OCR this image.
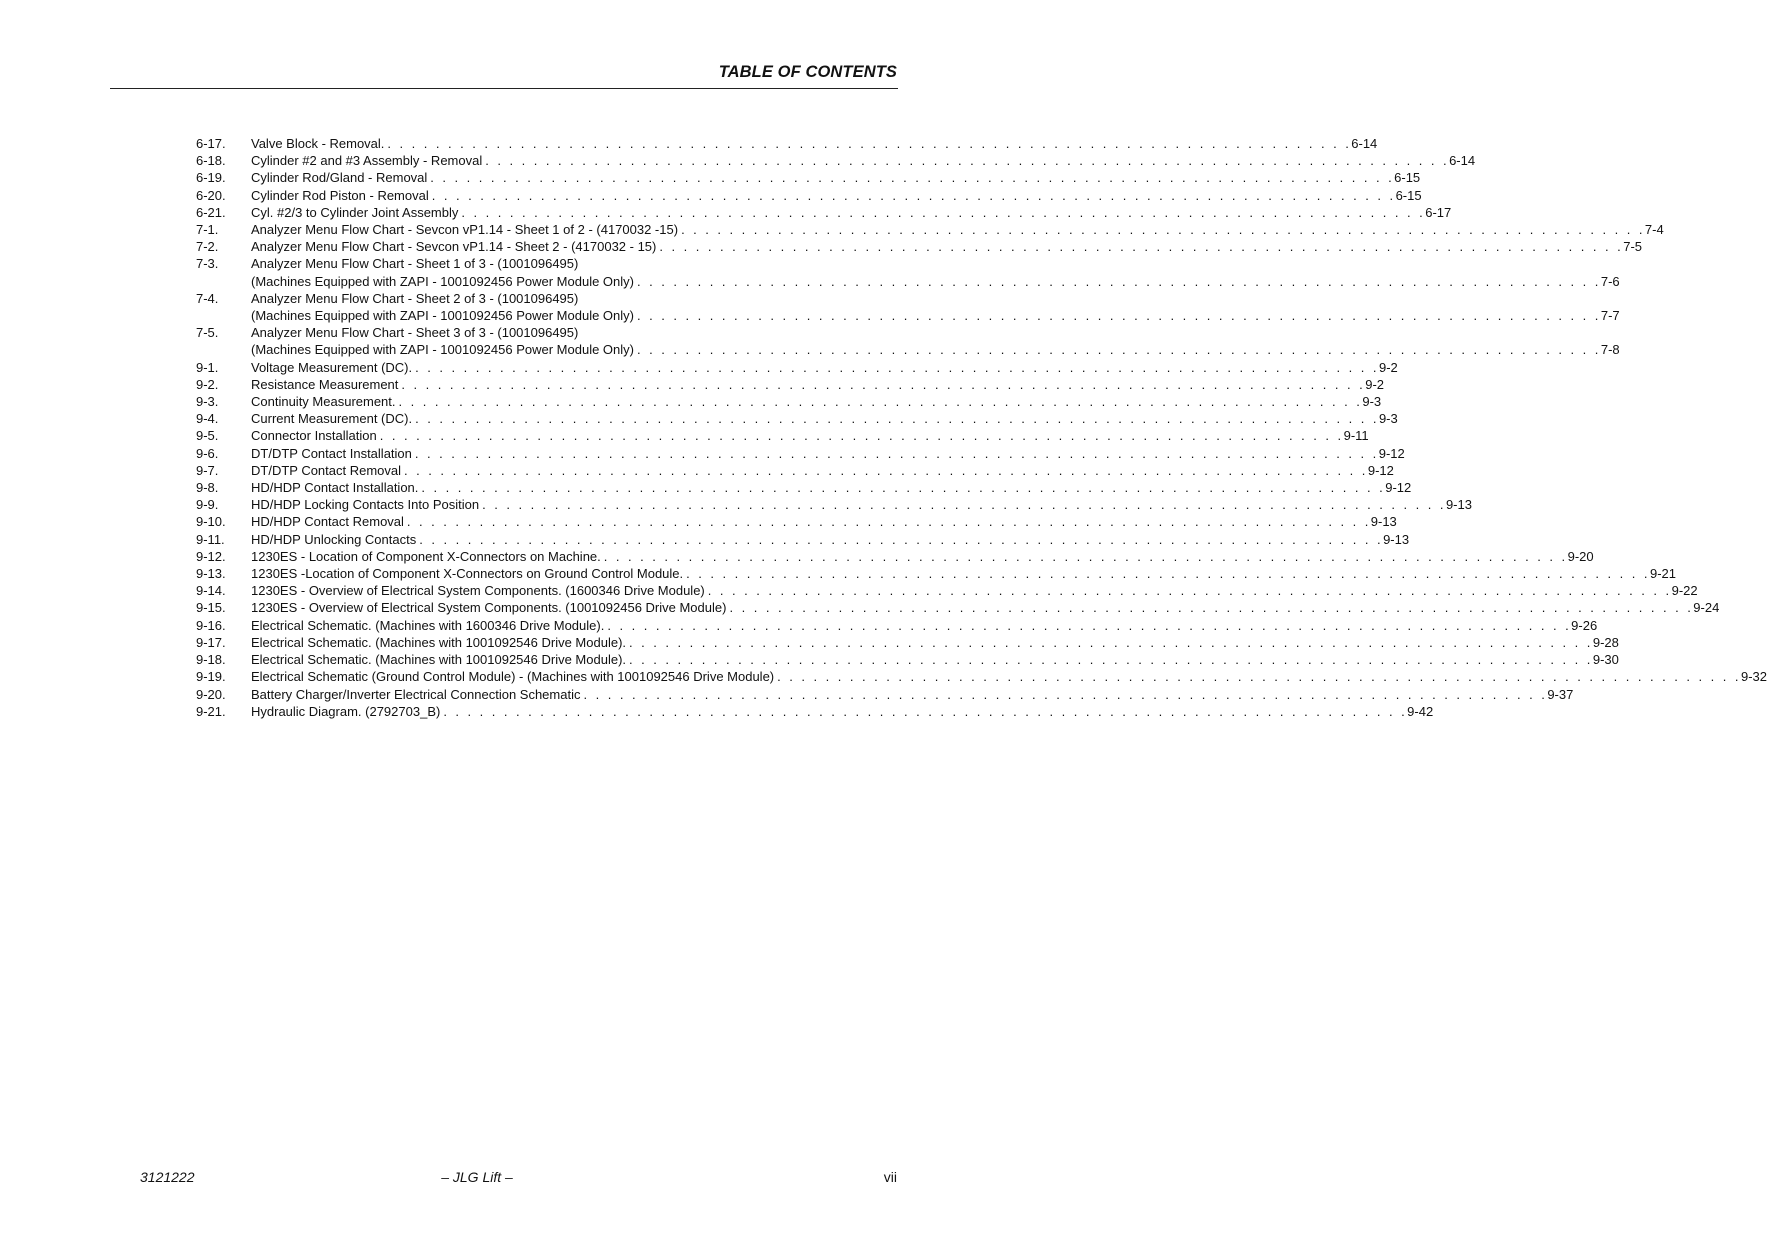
TABLE OF CONTENTS
6-17. Valve Block - Removal. . . . . . . . . . . . . . . . . . . . . . . . . . . . . . . . . . . . . . . . . . . . . . . . . . . . . . . . . . . . . . . . . . . . . . . . . . . . . . . . . 6-14
6-18. Cylinder #2 and #3 Assembly - Removal . . . . . . . . . . . . . . . . . . . . . . . . . . . . . . . . . . . . . . . . . . . . . . . . . . . . . . . . . . . . . . . . . . . . . . . . . . . . . . . . 6-14
6-19. Cylinder Rod/Gland - Removal . . . . . . . . . . . . . . . . . . . . . . . . . . . . . . . . . . . . . . . . . . . . . . . . . . . . . . . . . . . . . . . . . . . . . . . . . . . . . . . . 6-15
6-20. Cylinder Rod Piston - Removal . . . . . . . . . . . . . . . . . . . . . . . . . . . . . . . . . . . . . . . . . . . . . . . . . . . . . . . . . . . . . . . . . . . . . . . . . . . . . . . . 6-15
6-21. Cyl. #2/3 to Cylinder Joint Assembly . . . . . . . . . . . . . . . . . . . . . . . . . . . . . . . . . . . . . . . . . . . . . . . . . . . . . . . . . . . . . . . . . . . . . . . . . . . . . . . . 6-17
7-1.	Analyzer Menu Flow Chart - Sevcon vP1.14 - Sheet 1 of 2 - (4170032 -15) . . . . . . . . . . . . . . . . . . . . . . . . . . . . . . . . . . . . . . . . . . . . . . . . . . . . . . . . . . . . . . . . . . . . . . . . . . . . . . . . 7-4
7-2.	Analyzer Menu Flow Chart - Sevcon vP1.14 - Sheet 2 - (4170032 - 15) . . . . . . . . . . . . . . . . . . . . . . . . . . . . . . . . . . . . . . . . . . . . . . . . . . . . . . . . . . . . . . . . . . . . . . . . . . . . . . . . 7-5
7-3.	Analyzer Menu Flow Chart - Sheet 1 of 3 - (1001096495)
(Machines Equipped with ZAPI - 1001092456 Power Module Only) . . . . . . . . . . . . . . . . . . . . . . . . . . . . . . . . . . . . . . . . . . . . . . . . . . . . . . . . . . . . . . . . . . . . . . . . . . . . . . . . 7-6
7-4.	Analyzer Menu Flow Chart - Sheet 2 of 3 - (1001096495)
(Machines Equipped with ZAPI - 1001092456 Power Module Only) . . . . . . . . . . . . . . . . . . . . . . . . . . . . . . . . . . . . . . . . . . . . . . . . . . . . . . . . . . . . . . . . . . . . . . . . . . . . . . . . 7-7
7-5.	Analyzer Menu Flow Chart - Sheet 3 of 3 - (1001096495)
(Machines Equipped with ZAPI - 1001092456 Power Module Only) . . . . . . . . . . . . . . . . . . . . . . . . . . . . . . . . . . . . . . . . . . . . . . . . . . . . . . . . . . . . . . . . . . . . . . . . . . . . . . . . 7-8
9-1.	Voltage Measurement (DC). . . . . . . . . . . . . . . . . . . . . . . . . . . . . . . . . . . . . . . . . . . . . . . . . . . . . . . . . . . . . . . . . . . . . . . . . . . . . . . . . 9-2
9-2.	Resistance Measurement . . . . . . . . . . . . . . . . . . . . . . . . . . . . . . . . . . . . . . . . . . . . . . . . . . . . . . . . . . . . . . . . . . . . . . . . . . . . . . . . 9-2
9-3.	Continuity Measurement. . . . . . . . . . . . . . . . . . . . . . . . . . . . . . . . . . . . . . . . . . . . . . . . . . . . . . . . . . . . . . . . . . . . . . . . . . . . . . . . . 9-3
9-4.	Current Measurement (DC). . . . . . . . . . . . . . . . . . . . . . . . . . . . . . . . . . . . . . . . . . . . . . . . . . . . . . . . . . . . . . . . . . . . . . . . . . . . . . . . . 9-3
9-5.	Connector Installation . . . . . . . . . . . . . . . . . . . . . . . . . . . . . . . . . . . . . . . . . . . . . . . . . . . . . . . . . . . . . . . . . . . . . . . . . . . . . . . . 9-11
9-6.	DT/DTP Contact Installation . . . . . . . . . . . . . . . . . . . . . . . . . . . . . . . . . . . . . . . . . . . . . . . . . . . . . . . . . . . . . . . . . . . . . . . . . . . . . . . . 9-12
9-7.	DT/DTP Contact Removal . . . . . . . . . . . . . . . . . . . . . . . . . . . . . . . . . . . . . . . . . . . . . . . . . . . . . . . . . . . . . . . . . . . . . . . . . . . . . . . . 9-12
9-8.	HD/HDP Contact Installation. . . . . . . . . . . . . . . . . . . . . . . . . . . . . . . . . . . . . . . . . . . . . . . . . . . . . . . . . . . . . . . . . . . . . . . . . . . . . . . . . 9-12
9-9.	HD/HDP Locking Contacts Into Position . . . . . . . . . . . . . . . . . . . . . . . . . . . . . . . . . . . . . . . . . . . . . . . . . . . . . . . . . . . . . . . . . . . . . . . . . . . . . . . . 9-13
9-10. HD/HDP Contact Removal . . . . . . . . . . . . . . . . . . . . . . . . . . . . . . . . . . . . . . . . . . . . . . . . . . . . . . . . . . . . . . . . . . . . . . . . . . . . . . . . 9-13
9-11. HD/HDP Unlocking Contacts . . . . . . . . . . . . . . . . . . . . . . . . . . . . . . . . . . . . . . . . . . . . . . . . . . . . . . . . . . . . . . . . . . . . . . . . . . . . . . . . 9-13
9-12. 1230ES - Location of Component X-Connectors on Machine. . . . . . . . . . . . . . . . . . . . . . . . . . . . . . . . . . . . . . . . . . . . . . . . . . . . . . . . . . . . . . . . . . . . . . . . . . . . . . . . . 9-20
9-13. 1230ES -Location of Component X-Connectors on Ground Control Module. . . . . . . . . . . . . . . . . . . . . . . . . . . . . . . . . . . . . . . . . . . . . . . . . . . . . . . . . . . . . . . . . . . . . . . . . . . . . . . . . 9-21
9-14. 1230ES - Overview of Electrical System Components. (1600346 Drive Module) . . . . . . . . . . . . . . . . . . . . . . . . . . . . . . . . . . . . . . . . . . . . . . . . . . . . . . . . . . . . . . . . . . . . . . . . . . . . . . . . 9-22
9-15. 1230ES - Overview of Electrical System Components. (1001092456 Drive Module) . . . . . . . . . . . . . . . . . . . . . . . . . . . . . . . . . . . . . . . . . . . . . . . . . . . . . . . . . . . . . . . . . . . . . . . . . . . . . . . . 9-24
9-16. Electrical Schematic. (Machines with 1600346 Drive Module). . . . . . . . . . . . . . . . . . . . . . . . . . . . . . . . . . . . . . . . . . . . . . . . . . . . . . . . . . . . . . . . . . . . . . . . . . . . . . . . . 9-26
9-17. Electrical Schematic. (Machines with 1001092546 Drive Module). . . . . . . . . . . . . . . . . . . . . . . . . . . . . . . . . . . . . . . . . . . . . . . . . . . . . . . . . . . . . . . . . . . . . . . . . . . . . . . . . 9-28
9-18. Electrical Schematic. (Machines with 1001092546 Drive Module). . . . . . . . . . . . . . . . . . . . . . . . . . . . . . . . . . . . . . . . . . . . . . . . . . . . . . . . . . . . . . . . . . . . . . . . . . . . . . . . . 9-30
9-19. Electrical Schematic (Ground Control Module) - (Machines with 1001092546 Drive Module) . . . . . . . . . . . . . . . . . . . . . . . . . . . . . . . . . . . . . . . . . . . . . . . . . . . . . . . . . . . . . . . . . . . . . . . . . . . . . . . . 9-32
9-20. Battery Charger/Inverter Electrical Connection Schematic . . . . . . . . . . . . . . . . . . . . . . . . . . . . . . . . . . . . . . . . . . . . . . . . . . . . . . . . . . . . . . . . . . . . . . . . . . . . . . . . 9-37
9-21. Hydraulic Diagram. (2792703_B) . . . . . . . . . . . . . . . . . . . . . . . . . . . . . . . . . . . . . . . . . . . . . . . . . . . . . . . . . . . . . . . . . . . . . . . . . . . . . . . . 9-42
3121222	– JLG Lift –	vii
